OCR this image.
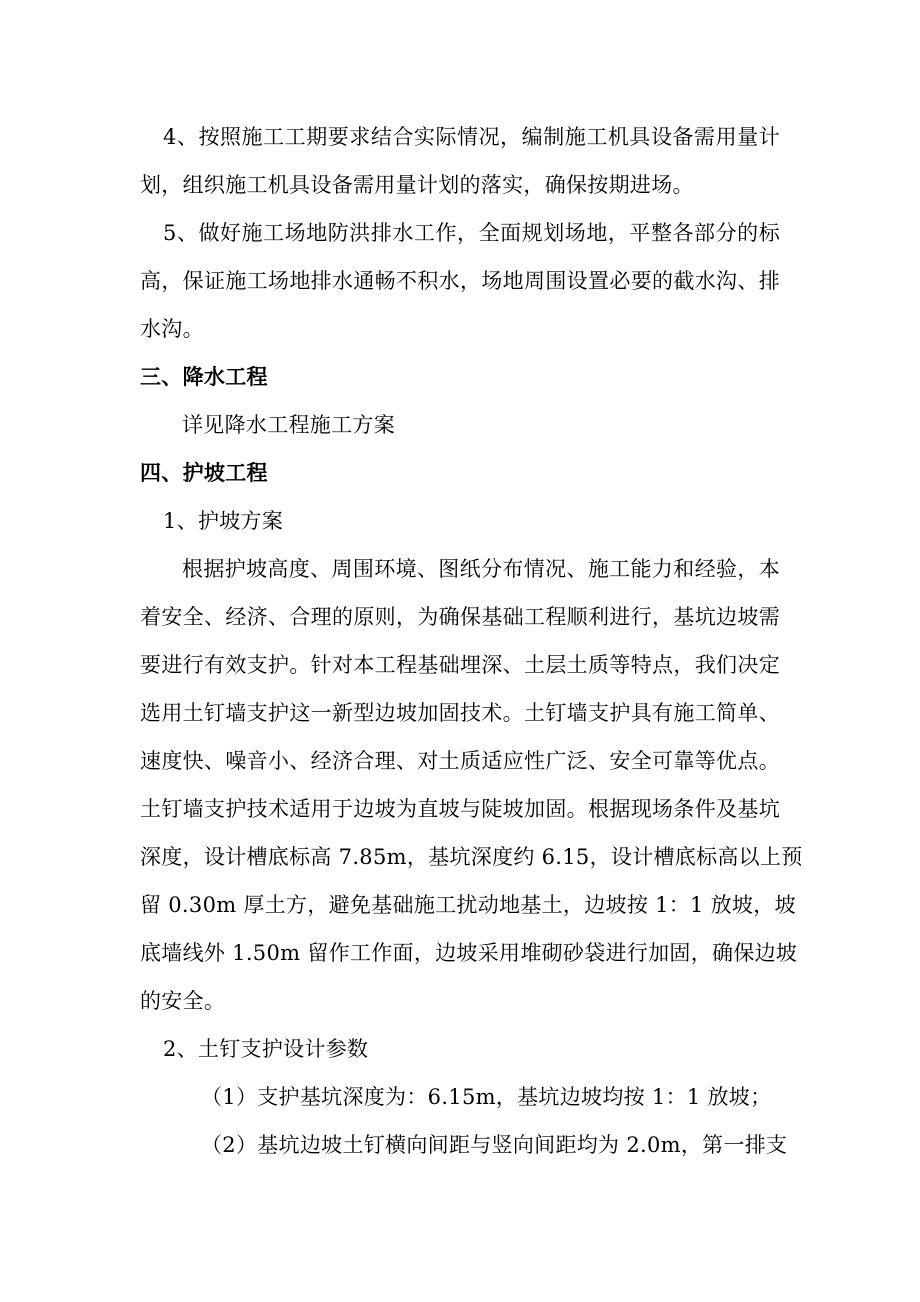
4、按照施工工期要求结合实际情况，编制施工机具设备需用量计
划，组织施工机具设备需用量计划的落实，确保按期进场。
5、做好施工场地防洪排水工作，全面规划场地，平整各部分的标
高，保证施工场地排水通畅不积水，场地周围设置必要的截水沟、排
水沟。
三、降水工程
详见降水工程施工方案
四、护坡工程
1、护坡方案
根据护坡高度、周围环境、图纸分布情况、施工能力和经验，本
着安全、经济、合理的原则，为确保基础工程顺利进行，基坑边坡需
要进行有效支护。针对本工程基础埋深、土层土质等特点，我们决定
选用土钉墙支护这一新型边坡加固技术。土钉墙支护具有施工简单、
速度快、噪音小、经济合理、对土质适应性广泛、安全可靠等优点。
土钉墙支护技术适用于边坡为直坡与陡坡加固。根据现场条件及基坑
深度，设计槽底标高 7.85m，基坑深度约 6.15，设计槽底标高以上预
留 0.30m 厚土方，避免基础施工扰动地基土，边坡按 1：1 放坡，坡
底墙线外 1.50m 留作工作面，边坡采用堆砌砂袋进行加固，确保边坡
的安全。
2、土钉支护设计参数
（1）支护基坑深度为：6.15m，基坑边坡均按 1：1 放坡；
（2）基坑边坡土钉横向间距与竖向间距均为 2.0m，第一排支
